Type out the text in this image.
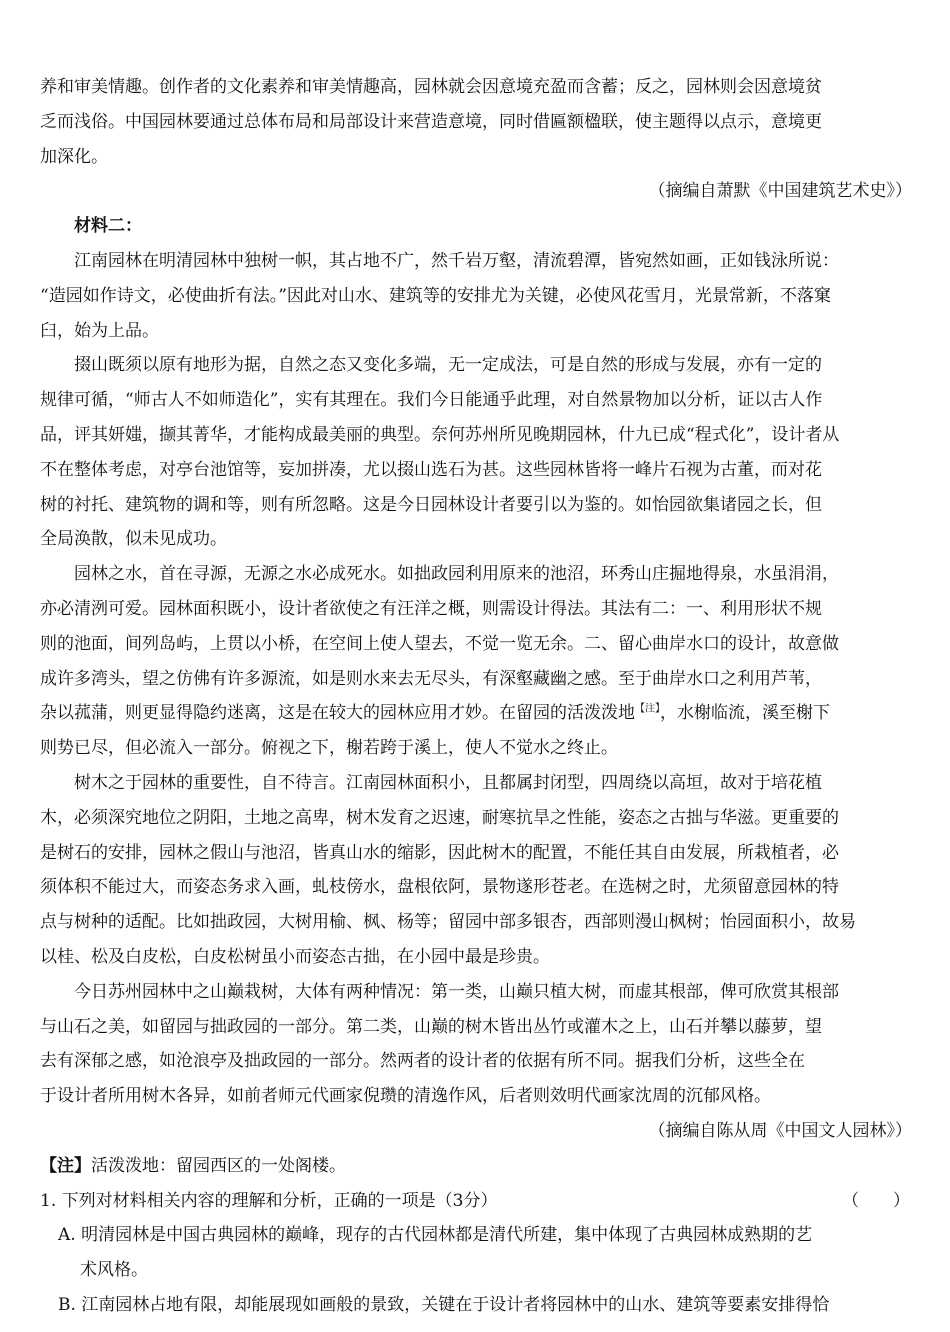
养和审美情趣。创作者的文化素养和审美情趣高，园林就会因意境充盈而含蓄；反之，园林则会因意境贫
乏而浅俗。中国园林要通过总体布局和局部设计来营造意境，同时借匾额楹联，使主题得以点示，意境更
加深化。

（摘编自萧默《中国建筑艺术史》）

材料二：

江南园林在明清园林中独树一帜，其占地不广，然千岩万壑，清流碧潭，皆宛然如画，正如钱泳所说：
“造园如作诗文，必使曲折有法。”因此对山水、建筑等的安排尤为关键，必使风花雪月，光景常新，不落窠
臼，始为上品。

掇山既须以原有地形为据，自然之态又变化多端，无一定成法，可是自然的形成与发展，亦有一定的
规律可循，“师古人不如师造化”，实有其理在。我们今日能通乎此理，对自然景物加以分析，证以古人作
品，评其妍媸，撷其菁华，才能构成最美丽的典型。奈何苏州所见晚期园林，什九已成“程式化”，设计者从
不在整体考虑，对亭台池馆等，妄加拼凑，尤以掇山选石为甚。这些园林皆将一峰片石视为古董，而对花
树的衬托、建筑物的调和等，则有所忽略。这是今日园林设计者要引以为鉴的。如怡园欲集诸园之长，但
全局涣散，似未见成功。

园林之水，首在寻源，无源之水必成死水。如拙政园利用原来的池沼，环秀山庄掘地得泉，水虽涓涓，
亦必清洌可爱。园林面积既小，设计者欲使之有汪洋之概，则需设计得法。其法有二：一、利用形状不规
则的池面，间列岛屿，上贯以小桥，在空间上使人望去，不觉一览无余。二、留心曲岸水口的设计，故意做
成许多湾头，望之仿佛有许多源流，如是则水来去无尽头，有深壑藏幽之感。至于曲岸水口之利用芦苇，
杂以菰蒲，则更显得隐约迷离，这是在较大的园林应用才妙。在留园的活泼泼地$^{【注】}$，水榭临流，溪至榭下
则势已尽，但必流入一部分。俯视之下，榭若跨于溪上，使人不觉水之终止。

树木之于园林的重要性，自不待言。江南园林面积小，且都属封闭型，四周绕以高垣，故对于培花植
木，必须深究地位之阴阳，土地之高卑，树木发育之迟速，耐寒抗旱之性能，姿态之古拙与华滋。更重要的
是树石的安排，园林之假山与池沼，皆真山水的缩影，因此树木的配置，不能任其自由发展，所栽植者，必
须体积不能过大，而姿态务求入画，虬枝傍水，盘根依阿，景物遂形苍老。在选树之时，尤须留意园林的特
点与树种的适配。比如拙政园，大树用榆、枫、杨等；留园中部多银杏，西部则漫山枫树；怡园面积小，故易
以桂、松及白皮松，白皮松树虽小而姿态古拙，在小园中最是珍贵。

今日苏州园林中之山巅栽树，大体有两种情况：第一类，山巅只植大树，而虚其根部，俾可欣赏其根部
与山石之美，如留园与拙政园的一部分。第二类，山巅的树木皆出丛竹或灌木之上，山石并攀以藤萝，望
去有深郁之感，如沧浪亭及拙政园的一部分。然两者的设计者的依据有所不同。据我们分析，这些全在
于设计者所用树木各异，如前者师元代画家倪瓒的清逸作风，后者则效明代画家沈周的沉郁风格。

（摘编自陈从周《中国文人园林》）

【注】活泼泼地：留园西区的一处阁楼。

1. 下列对材料相关内容的理解和分析，正确的一项是（3分）	（　　）

A. 明清园林是中国古典园林的巅峰，现存的古代园林都是清代所建，集中体现了古典园林成熟期的艺
术风格。

B. 江南园林占地有限，却能展现如画般的景致，关键在于设计者将园林中的山水、建筑等要素安排得恰
